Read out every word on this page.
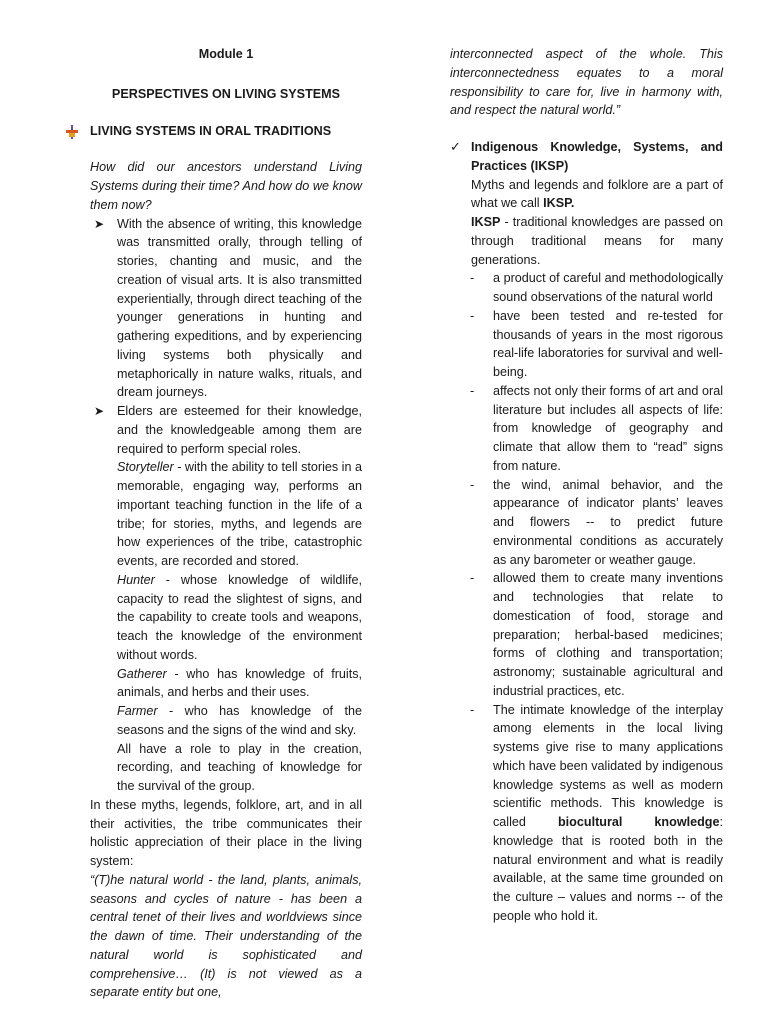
Module 1

PERSPECTIVES ON LIVING SYSTEMS

LIVING SYSTEMS IN ORAL TRADITIONS

How did our ancestors understand Living Systems during their time? And how do we know them now?

➤ With the absence of writing, this knowledge was transmitted orally, through telling of stories, chanting and music, and the creation of visual arts. It is also transmitted experientially, through direct teaching of the younger generations in hunting and gathering expeditions, and by experiencing living systems both physically and metaphorically in nature walks, rituals, and dream journeys.

➤ Elders are esteemed for their knowledge, and the knowledgeable among them are required to perform special roles.

Storyteller - with the ability to tell stories in a memorable, engaging way, performs an important teaching function in the life of a tribe; for stories, myths, and legends are how experiences of the tribe, catastrophic events, are recorded and stored.

Hunter - whose knowledge of wildlife, capacity to read the slightest of signs, and the capability to create tools and weapons, teach the knowledge of the environment without words.

Gatherer - who has knowledge of fruits, animals, and herbs and their uses.

Farmer - who has knowledge of the seasons and the signs of the wind and sky.

All have a role to play in the creation, recording, and teaching of knowledge for the survival of the group.

In these myths, legends, folklore, art, and in all their activities, the tribe communicates their holistic appreciation of their place in the living system:

“(T)he natural world - the land, plants, animals, seasons and cycles of nature - has been a central tenet of their lives and worldviews since the dawn of time. Their understanding of the natural world is sophisticated and comprehensive… (It) is not viewed as a separate entity but one,

interconnected aspect of the whole. This interconnectedness equates to a moral responsibility to care for, live in harmony with, and respect the natural world.”

✓ Indigenous Knowledge, Systems, and Practices (IKSP)

Myths and legends and folklore are a part of what we call IKSP.

IKSP - traditional knowledges are passed on through traditional means for many generations.

- a product of careful and methodologically sound observations of the natural world

- have been tested and re-tested for thousands of years in the most rigorous real-life laboratories for survival and well-being.

- affects not only their forms of art and oral literature but includes all aspects of life: from knowledge of geography and climate that allow them to “read” signs from nature.

- the wind, animal behavior, and the appearance of indicator plants’ leaves and flowers -- to predict future environmental conditions as accurately as any barometer or weather gauge.

- allowed them to create many inventions and technologies that relate to domestication of food, storage and preparation; herbal-based medicines; forms of clothing and transportation; astronomy; sustainable agricultural and industrial practices, etc.

- The intimate knowledge of the interplay among elements in the local living systems give rise to many applications which have been validated by indigenous knowledge systems as well as modern scientific methods. This knowledge is called biocultural knowledge: knowledge that is rooted both in the natural environment and what is readily available, at the same time grounded on the culture – values and norms -- of the people who hold it.
